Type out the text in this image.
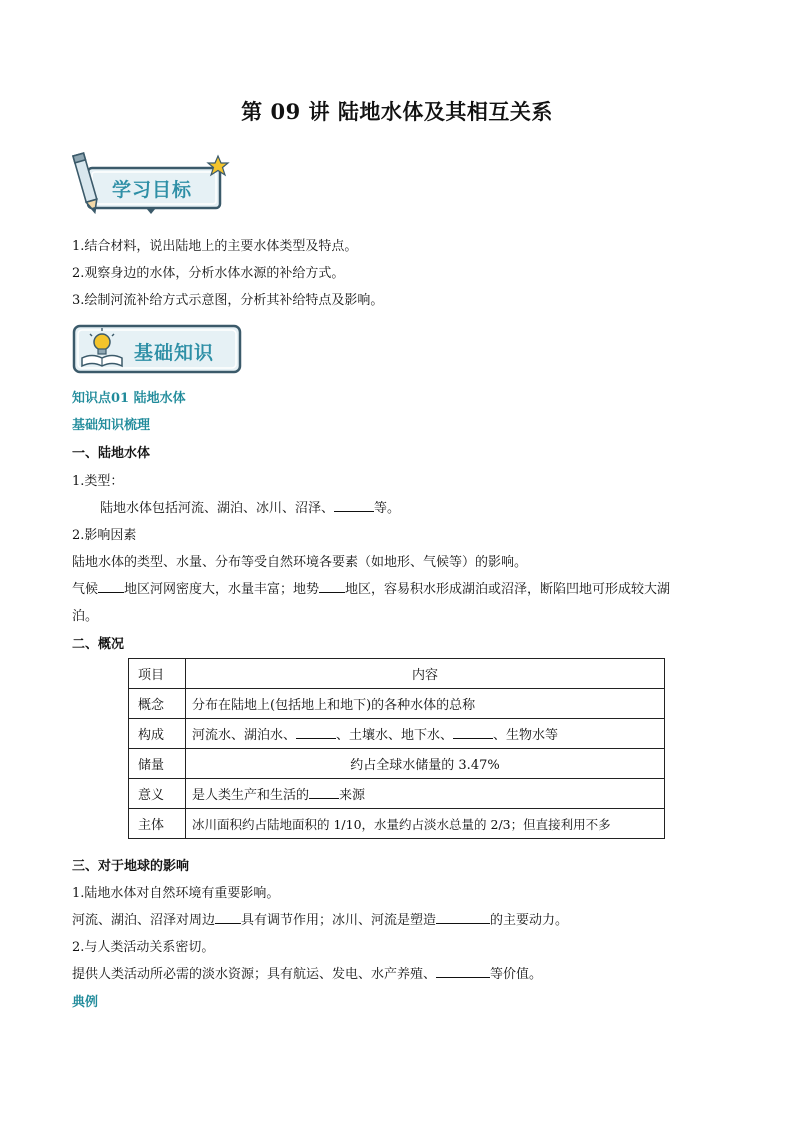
第 09 讲 陆地水体及其相互关系
学习目标
1.结合材料，说出陆地上的主要水体类型及特点。
2.观察身边的水体，分析水体水源的补给方式。
3.绘制河流补给方式示意图，分析其补给特点及影响。
基础知识
知识点01 陆地水体
基础知识梳理
一、陆地水体
1.类型：
陆地水体包括河流、湖泊、冰川、沼泽、	等。
2.影响因素
陆地水体的类型、水量、分布等受自然环境各要素（如地形、气候等）的影响。
气候 地区河网密度大，水量丰富；地势 地区，容易积水形成湖泊或沼泽，断陷凹地可形成较大湖
泊。
二、概况
项目	内容
概念	分布在陆地上(包括地上和地下)的各种水体的总称
构成	河流水、湖泊水、 、土壤水、地下水、 、生物水等
储量	约占全球水储量的 3.47%
意义	是人类生产和生活的 来源
主体	冰川面积约占陆地面积的 1/10，水量约占淡水总量的 2/3；但直接利用不多
三、对于地球的影响
1.陆地水体对自然环境有重要影响。
河流、湖泊、沼泽对周边 具有调节作用；冰川、河流是塑造	的主要动力。
2.与人类活动关系密切。
提供人类活动所必需的淡水资源；具有航运、发电、水产养殖、	等价值。
典例
